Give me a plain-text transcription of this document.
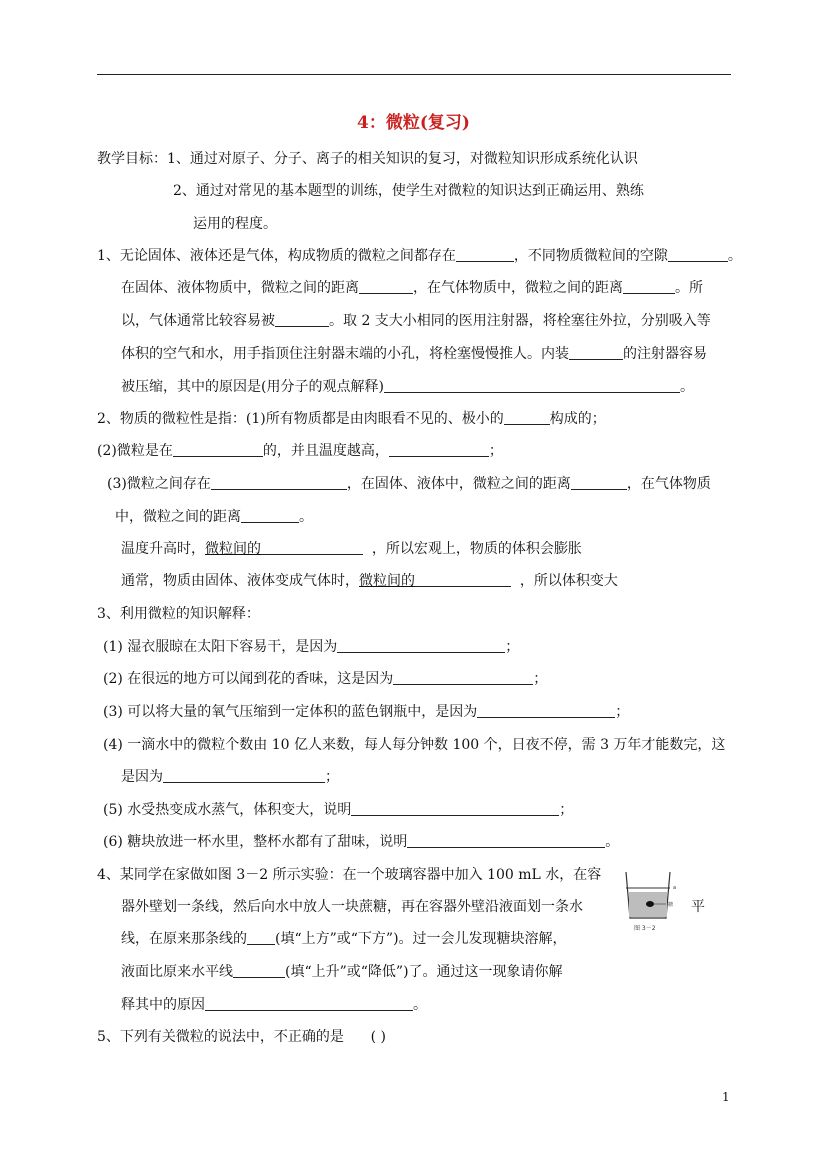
4：微粒(复习)
教学目标：1、通过对原子、分子、离子的相关知识的复习，对微粒知识形成系统化认识
2、通过对常见的基本题型的训练，使学生对微粒的知识达到正确运用、熟练
运用的程度。
1、无论固体、液体还是气体，构成物质的微粒之间都存在	，不同物质微粒间的空隙	。
在固体、液体物质中，微粒之间的距离	，在气体物质中，微粒之间的距离	。所
以，气体通常比较容易被	。取 2 支大小相同的医用注射器，将栓塞往外拉，分别吸入等
体积的空气和水，用手指顶住注射器末端的小孔，将栓塞慢慢推人。内装	的注射器容易
被压缩，其中的原因是(用分子的观点解释)	。
2、物质的微粒性是指：(1)所有物质都是由肉眼看不见的、极小的	构成的；
(2)微粒是在	的，并且温度越高，	；
(3)微粒之间存在	，在固体、液体中，微粒之间的距离	，在气体物质
中，微粒之间的距离	。
温度升高时，微粒间的	，所以宏观上，物质的体积会膨胀
通常，物质由固体、液体变成气体时，微粒间的	，所以体积变大
3、利用微粒的知识解释：
(1) 湿衣服晾在太阳下容易干，是因为	；
(2) 在很远的地方可以闻到花的香味，这是因为	；
(3) 可以将大量的氧气压缩到一定体积的蓝色钢瓶中，是因为	；
(4) 一滴水中的微粒个数由 10 亿人来数，每人每分钟数 100 个，日夜不停，需 3 万年才能数完，这
是因为	；
(5) 水受热变成水蒸气，体积变大，说明	；
(6) 糖块放进一杯水里，整杯水都有了甜味，说明	。
4、某同学在家做如图 3－2 所示实验：在一个玻璃容器中加入 100 mL 水，在容
器外壁划一条线，然后向水中放人一块蔗糖，再在容器外壁沿液面划一条水	平
线，在原来那条线的 (填“上方”或“下方”)。过一会儿发现糖块溶解，
液面比原来水平线	(填“上升”或“降低”)了。通过这一现象请你解
释其中的原因	。
a
糖
图 3－2
5、下列有关微粒的说法中，不正确的是 ( )
1
